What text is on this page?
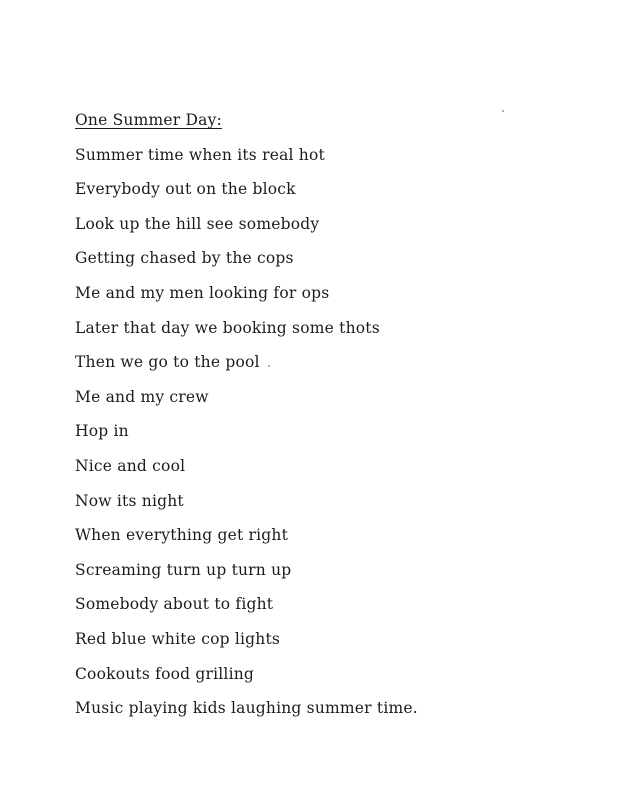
One Summer Day:
Summer time when its real hot
Everybody out on the block
Look up the hill see somebody
Getting chased by the cops
Me and my men looking for ops
Later that day we booking some thots
Then we go to the pool
Me and my crew
Hop in
Nice and cool
Now its night
When everything get right
Screaming turn up turn up
Somebody about to fight
Red blue white cop lights
Cookouts food grilling
Music playing kids laughing summer time.
